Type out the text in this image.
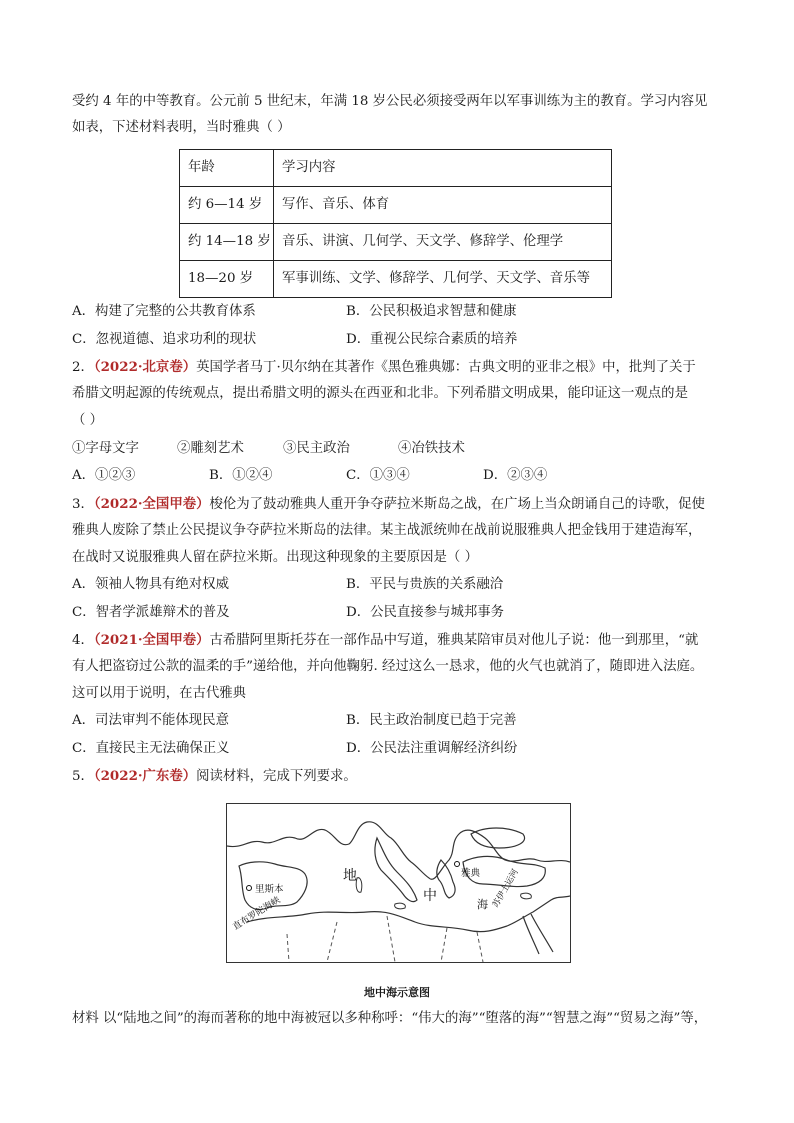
受约 4 年的中等教育。公元前 5 世纪末，年满 18 岁公民必须接受两年以军事训练为主的教育。学习内容见
如表，下述材料表明，当时雅典（ ）
年龄	学习内容
约 6—14 岁	写作、音乐、体育
约 14—18 岁	音乐、讲演、几何学、天文学、修辞学、伦理学
18—20 岁	军事训练、文学、修辞学、几何学、天文学、音乐等
A．构建了完整的公共教育体系	B．公民积极追求智慧和健康
C．忽视道德、追求功利的现状	D．重视公民综合素质的培养
2．（2022·北京卷）英国学者马丁·贝尔纳在其著作《黑色雅典娜：古典文明的亚非之根》中，批判了关于
希腊文明起源的传统观点，提出希腊文明的源头在西亚和北非。下列希腊文明成果，能印证这一观点的是
（ ）
①字母文字	②雕刻艺术	③民主政治	④冶铁技术
A．①②③	B．①②④	C．①③④	D．②③④
3．（2022·全国甲卷）梭伦为了鼓动雅典人重开争夺萨拉米斯岛之战，在广场上当众朗诵自己的诗歌，促使
雅典人废除了禁止公民提议争夺萨拉米斯岛的法律。某主战派统帅在战前说服雅典人把金钱用于建造海军，
在战时又说服雅典人留在萨拉米斯。出现这种现象的主要原因是（ ）
A．领袖人物具有绝对权威	B．平民与贵族的关系融洽
C．智者学派雄辩术的普及	D．公民直接参与城邦事务
4．（2021·全国甲卷）古希腊阿里斯托芬在一部作品中写道，雅典某陪审员对他儿子说：他一到那里，“就
有人把盗窃过公款的温柔的手”递给他，并向他鞠躬. 经过这么一恳求，他的火气也就消了，随即进入法庭。
这可以用于说明，在古代雅典
A．司法审判不能体现民意	B．民主政治制度已趋于完善
C．直接民主无法确保正义	D．公民法注重调解经济纠纷
5．（2022·广东卷）阅读材料，完成下列要求。
里斯本
直布罗陀海峡
地
中
海
雅典 苏伊士运河
地中海示意图
材料 以“陆地之间”的海而著称的地中海被冠以多种称呼：“伟大的海”“堕落的海”“智慧之海”“贸易之海”等，
